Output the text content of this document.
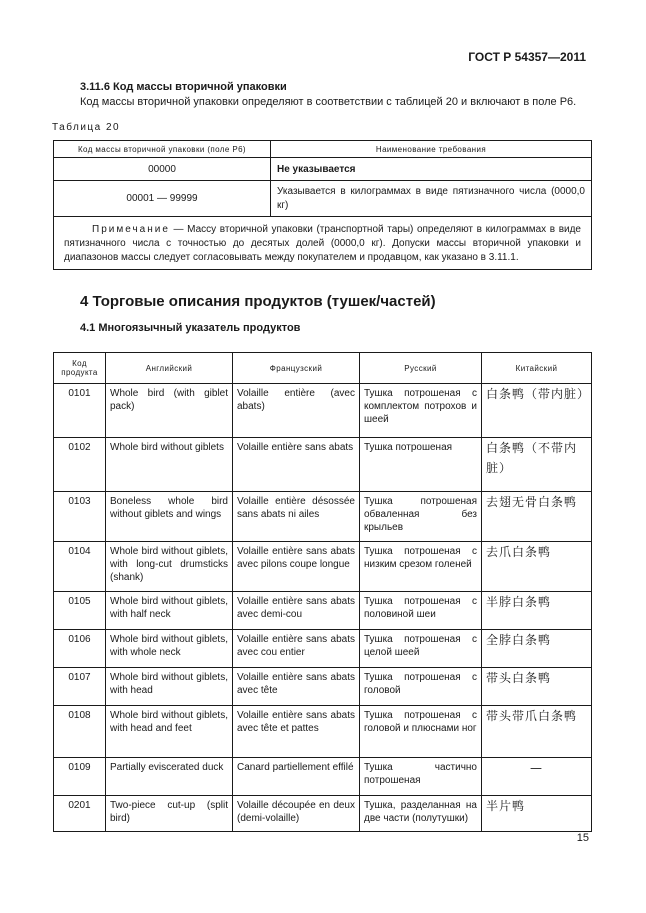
ГОСТ Р 54357—2011
3.11.6 Код массы вторичной упаковки
Код массы вторичной упаковки определяют в соответствии с таблицей 20 и включают в поле P6.
Таблица 20
Код массы вторичной упаковки (поле P6)	Наименование требования
00000	Не указывается
00001 — 99999	Указывается в килограммах в виде пятизначного числа (0000,0 кг)
Примечание — Массу вторичной упаковки (транспортной тары) определяют в килограммах в виде пятизначного числа с точностью до десятых долей (0000,0 кг). Допуски массы вторичной упаковки и диапазонов массы следует согласовывать между покупателем и продавцом, как указано в 3.11.1.	
4 Торговые описания продуктов (тушек/частей)
4.1 Многоязычный указатель продуктов
Код продукта	Английский	Французский	Русский	Китайский
0101	Whole bird (with giblet pack)	Volaille entière (avec abats)	Тушка потрошеная с комплектом потрохов и шеей	白条鸭（带内脏）
0102	Whole bird without giblets	Volaille entière sans abats	Тушка потрошеная	白条鸭（不带内脏）
0103	Boneless whole bird without giblets and wings	Volaille entière désossée sans abats ni ailes	Тушка потрошеная обваленная без крыльев	去翅无骨白条鸭
0104	Whole bird without giblets, with long-cut drumsticks (shank)	Volaille entière sans abats avec pilons coupe longue	Тушка потрошеная с низким срезом голеней	去爪白条鸭
0105	Whole bird without giblets, with half neck	Volaille entière sans abats avec demi-cou	Тушка потрошеная с половиной шеи	半脖白条鸭
0106	Whole bird without giblets, with whole neck	Volaille entière sans abats avec cou entier	Тушка потрошеная с целой шеей	全脖白条鸭
0107	Whole bird without giblets, with head	Volaille entière sans abats avec tête	Тушка потрошеная с головой	带头白条鸭
0108	Whole bird without giblets, with head and feet	Volaille entière sans abats avec tête et pattes	Тушка потрошеная с головой и плюснами ног	带头带爪白条鸭
0109	Partially eviscerated duck	Canard partiellement effilé	Тушка частично потрошеная	—
0201	Two-piece cut-up (split bird)	Volaille découpée en deux (demi-volaille)	Тушка, разделанная на две части (полутушки)	半片鸭
15
